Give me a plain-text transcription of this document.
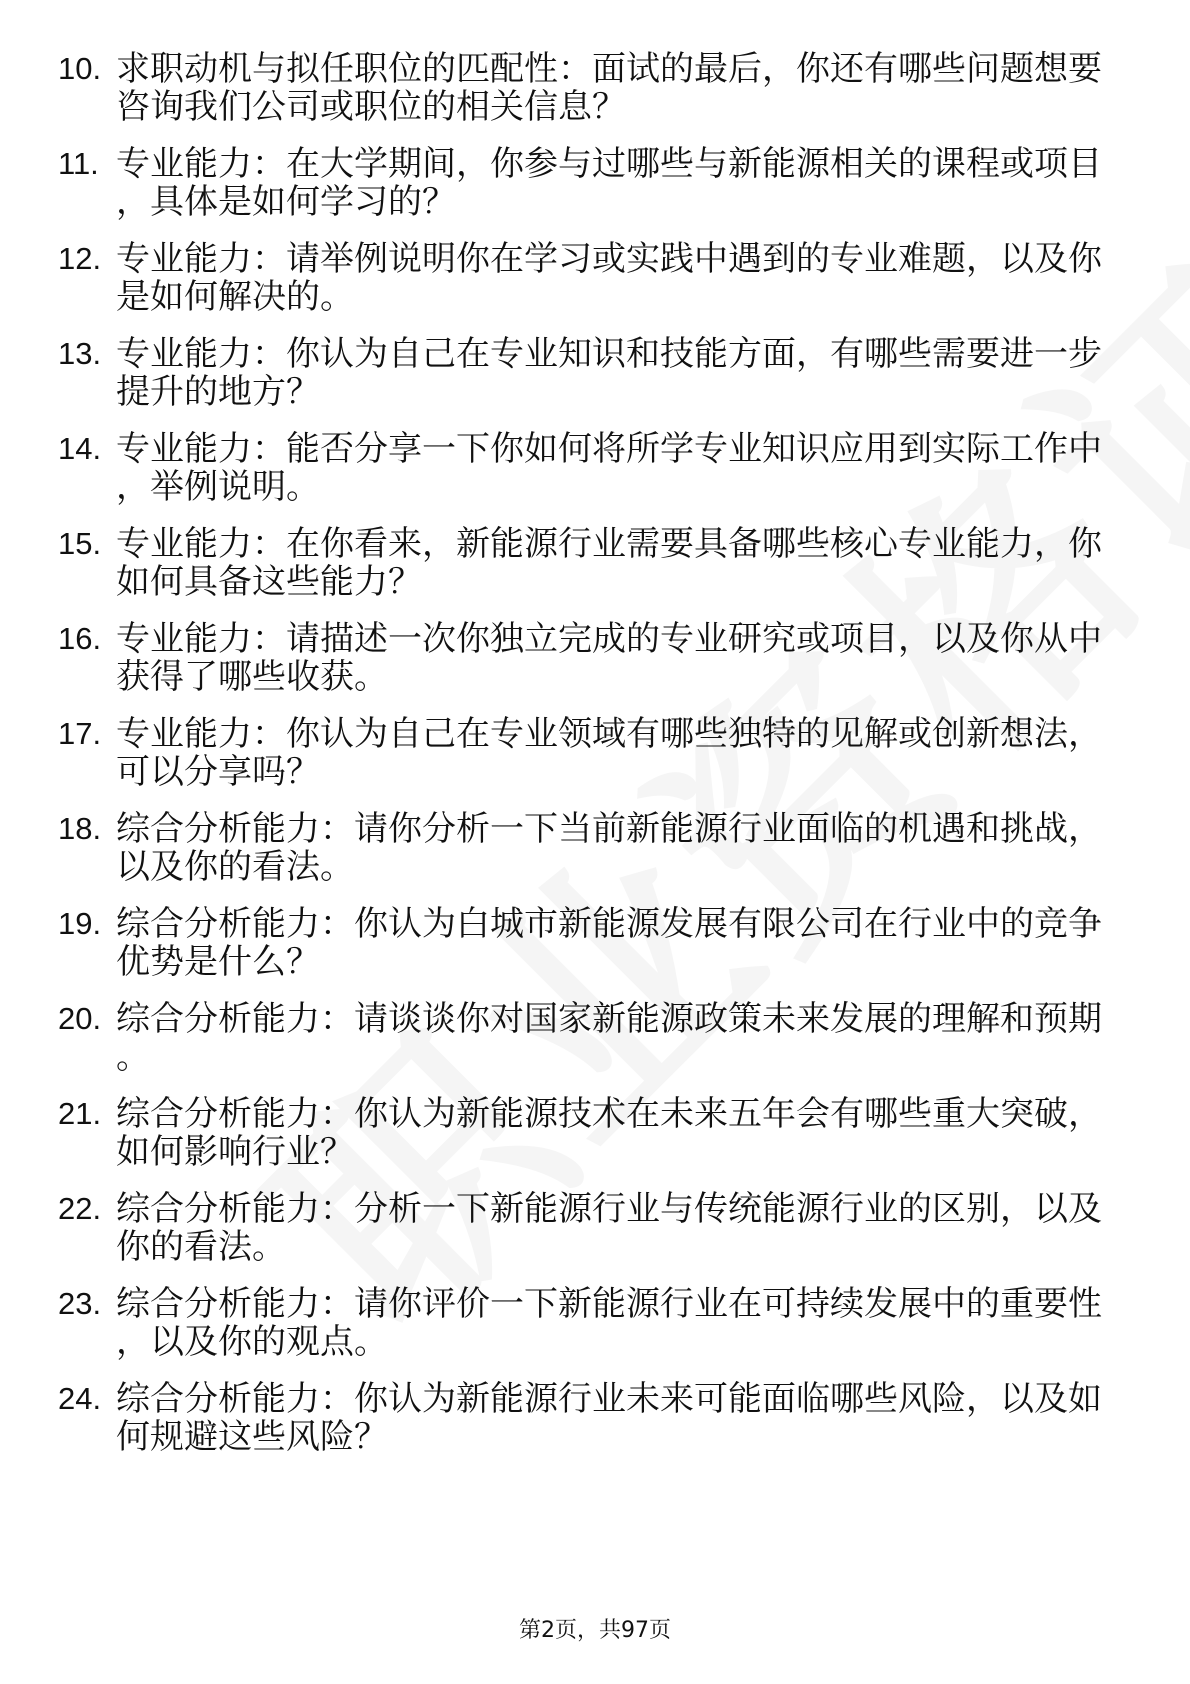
10. 求职动机与拟任职位的匹配性：面试的最后，你还有哪些问题想要咨询我们公司或职位的相关信息？
11. 专业能力：在大学期间，你参与过哪些与新能源相关的课程或项目，具体是如何学习的？
12. 专业能力：请举例说明你在学习或实践中遇到的专业难题，以及你是如何解决的。
13. 专业能力：你认为自己在专业知识和技能方面，有哪些需要进一步提升的地方？
14. 专业能力：能否分享一下你如何将所学专业知识应用到实际工作中，举例说明。
15. 专业能力：在你看来，新能源行业需要具备哪些核心专业能力，你如何具备这些能力？
16. 专业能力：请描述一次你独立完成的专业研究或项目，以及你从中获得了哪些收获。
17. 专业能力：你认为自己在专业领域有哪些独特的见解或创新想法，可以分享吗？
18. 综合分析能力：请你分析一下当前新能源行业面临的机遇和挑战，以及你的看法。
19. 综合分析能力：你认为白城市新能源发展有限公司在行业中的竞争优势是什么？
20. 综合分析能力：请谈谈你对国家新能源政策未来发展的理解和预期。
21. 综合分析能力：你认为新能源技术在未来五年会有哪些重大突破，如何影响行业？
22. 综合分析能力：分析一下新能源行业与传统能源行业的区别，以及你的看法。
23. 综合分析能力：请你评价一下新能源行业在可持续发展中的重要性，以及你的观点。
24. 综合分析能力：你认为新能源行业未来可能面临哪些风险，以及如何规避这些风险？
第2页，共97页
